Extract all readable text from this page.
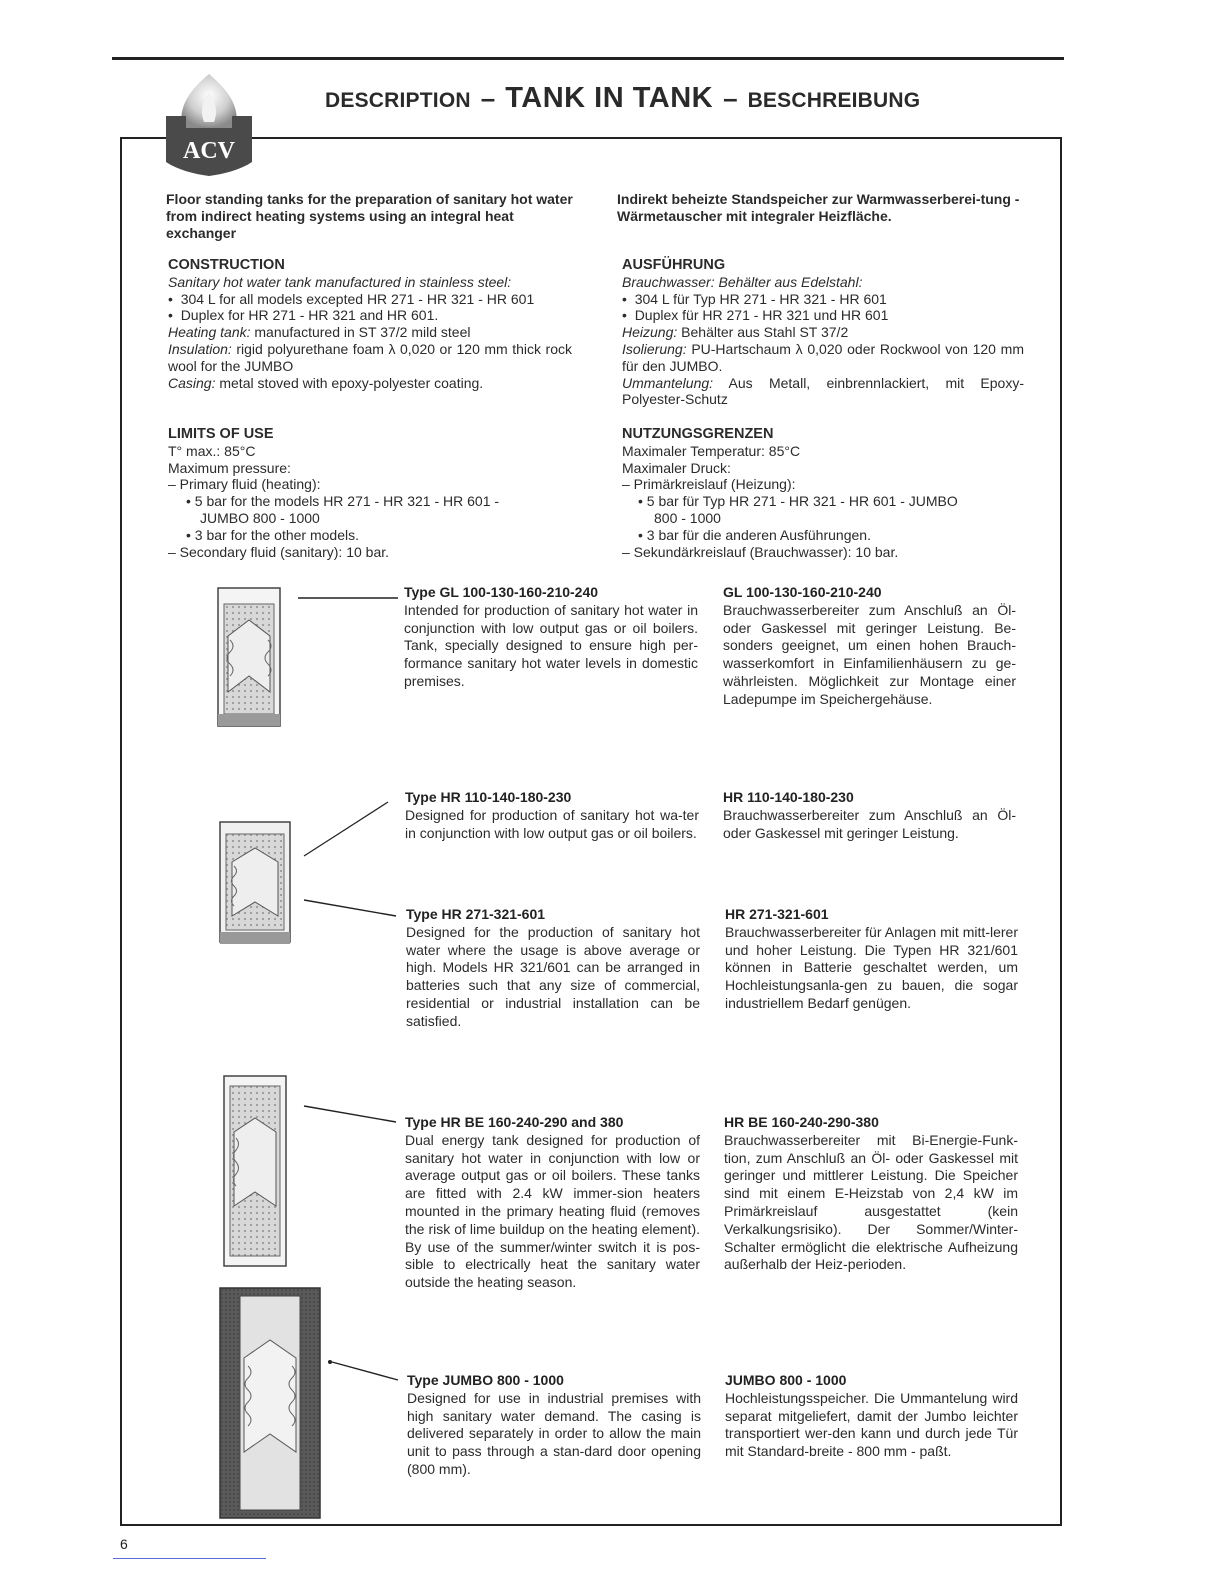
ACV
DESCRIPTION – TANK IN TANK – BESCHREIBUNG

Floor standing tanks for the preparation of sanitary hot water from indirect heating systems using an integral heat exchanger

Indirekt beheizte Standspeicher zur Warmwasserberei-tung - Wärmetauscher mit integraler Heizfläche.

CONSTRUCTION

Sanitary hot water tank manufactured in stainless steel:

•  304 L for all models excepted HR 271 - HR 321 - HR 601

•  Duplex for HR 271 - HR 321 and HR 601.

Heating tank: manufactured in ST 37/2 mild steel

Insulation: rigid polyurethane foam λ 0,020 or 120 mm thick rock wool for the JUMBO

Casing: metal stoved with epoxy-polyester coating.

AUSFÜHRUNG

Brauchwasser: Behälter aus Edelstahl:

•  304 L für Typ HR 271 - HR 321 - HR 601

•  Duplex für HR 271 - HR 321 und HR 601

Heizung: Behälter aus Stahl ST 37/2

Isolierung: PU-Hartschaum λ 0,020 oder Rockwool von 120 mm für den JUMBO.

Ummantelung: Aus Metall, einbrennlackiert, mit Epoxy-Polyester-Schutz

LIMITS OF USE

T° max.: 85°C

Maximum pressure:

– Primary fluid (heating):

• 5 bar for the models HR 271 - HR 321 - HR 601 -

JUMBO 800 - 1000

• 3 bar for the other models.

– Secondary fluid (sanitary): 10 bar.

NUTZUNGSGRENZEN

Maximaler Temperatur: 85°C

Maximaler Druck:

– Primärkreislauf (Heizung):

• 5 bar für Typ HR 271 - HR 321 - HR 601 - JUMBO

800 - 1000

• 3 bar für die anderen Ausführungen.

– Sekundärkreislauf (Brauchwasser): 10 bar.

Type GL 100-130-160-210-240

Intended for production of sanitary hot water in conjunction with low output gas or oil boilers. Tank, specially designed to ensure high per-formance sanitary hot water levels in domestic premises.

GL 100-130-160-210-240

Brauchwasserbereiter zum Anschluß an Öl-oder Gaskessel mit geringer Leistung. Be-sonders geeignet, um einen hohen Brauch-wasserkomfort in Einfamilienhäusern zu ge-währleisten. Möglichkeit zur Montage einer Ladepumpe im Speichergehäuse.

Type HR 110-140-180-230

Designed for production of sanitary hot wa-ter in conjunction with low output gas or oil boilers.

HR 110-140-180-230

Brauchwasserbereiter zum Anschluß an Öl-oder Gaskessel mit geringer Leistung.

Type HR 271-321-601

Designed for the production of sanitary hot water where the usage is above average or high. Models HR 321/601 can be arranged in batteries such that any size of commercial, residential or industrial installation can be satisfied.

HR 271-321-601

Brauchwasserbereiter für Anlagen mit mitt-lerer und hoher Leistung. Die Typen HR 321/601 können in Batterie geschaltet werden, um Hochleistungsanla-gen zu bauen, die sogar industriellem Bedarf genügen.

Type HR BE 160-240-290 and 380

Dual energy tank designed for production of sanitary hot water in conjunction with low or average output gas or oil boilers. These tanks are fitted with 2.4 kW immer-sion heaters mounted in the primary heating fluid (removes the risk of lime buildup on the heating element). By use of the summer/winter switch it is pos-sible to electrically heat the sanitary water outside the heating season.

HR BE 160-240-290-380

Brauchwasserbereiter mit Bi-Energie-Funk-tion, zum Anschluß an Öl- oder Gaskessel mit geringer und mittlerer Leistung. Die Speicher sind mit einem E-Heizstab von 2,4 kW im Primärkreislauf ausgestattet (kein Verkalkungsrisiko). Der Sommer/Winter-Schalter ermöglicht die elektrische Aufheizung außerhalb der Heiz-perioden.

Type JUMBO 800 - 1000

Designed for use in industrial premises with high sanitary water demand. The casing is delivered separately in order to allow the main unit to pass through a stan-dard door opening (800 mm).

JUMBO 800 - 1000

Hochleistungsspeicher. Die Ummantelung wird separat mitgeliefert, damit der Jumbo leichter transportiert wer-den kann und durch jede Tür mit Standard-breite - 800 mm - paßt.

6
